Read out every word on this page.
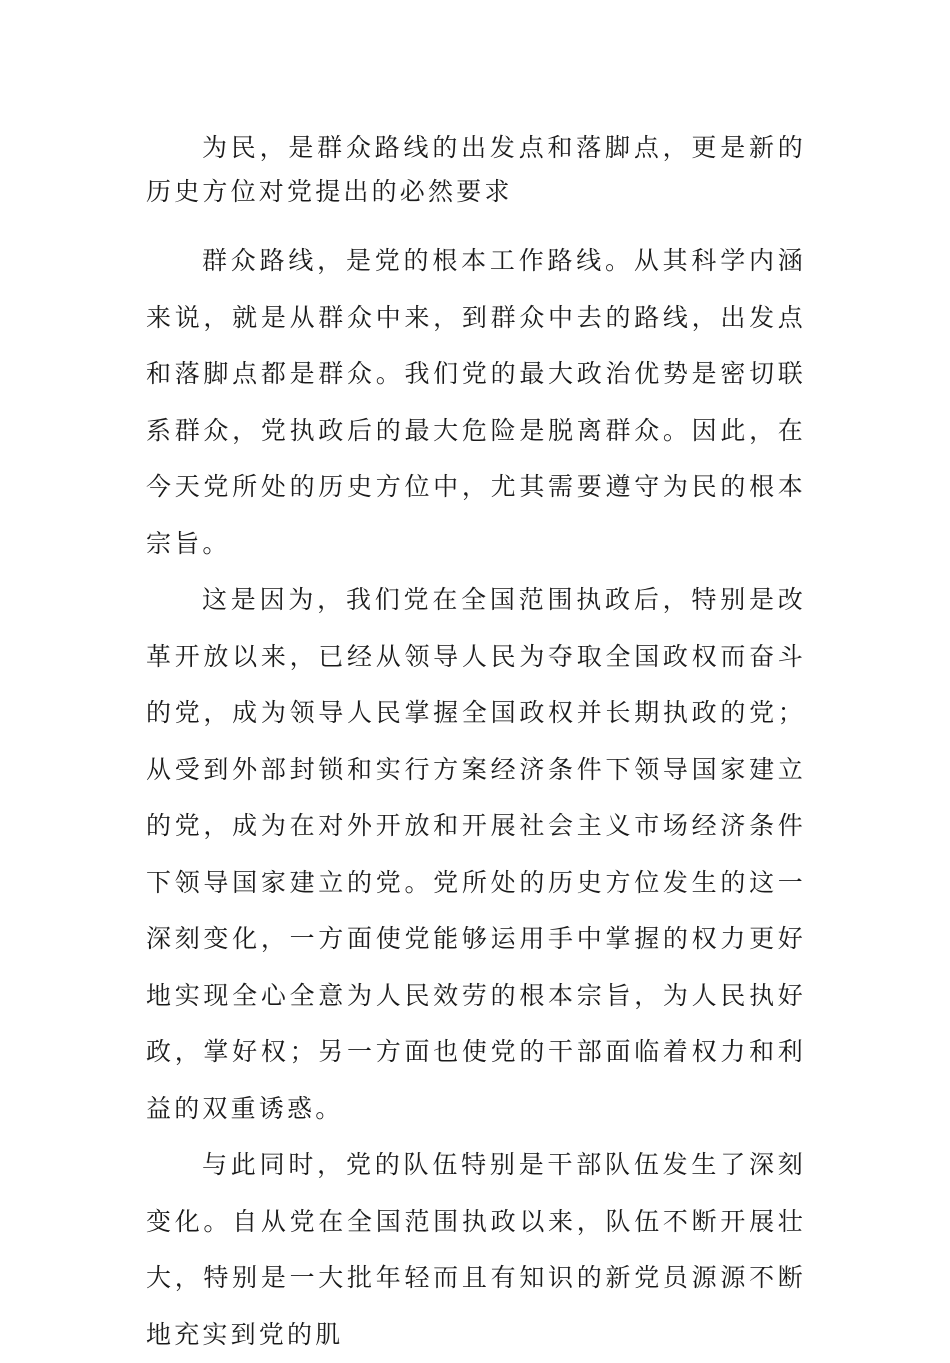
为民，是群众路线的出发点和落脚点，更是新的历史方位对党提出的必然要求

群众路线，是党的根本工作路线。从其科学内涵来说，就是从群众中来，到群众中去的路线，出发点和落脚点都是群众。我们党的最大政治优势是密切联系群众，党执政后的最大危险是脱离群众。因此，在今天党所处的历史方位中，尤其需要遵守为民的根本宗旨。

这是因为，我们党在全国范围执政后，特别是改革开放以来，已经从领导人民为夺取全国政权而奋斗的党，成为领导人民掌握全国政权并长期执政的党；从受到外部封锁和实行方案经济条件下领导国家建立的党，成为在对外开放和开展社会主义市场经济条件下领导国家建立的党。党所处的历史方位发生的这一深刻变化，一方面使党能够运用手中掌握的权力更好地实现全心全意为人民效劳的根本宗旨，为人民执好政，掌好权；另一方面也使党的干部面临着权力和利益的双重诱惑。

与此同时，党的队伍特别是干部队伍发生了深刻变化。自从党在全国范围执政以来，队伍不断开展壮大，特别是一大批年轻而且有知识的新党员源源不断地充实到党的肌
